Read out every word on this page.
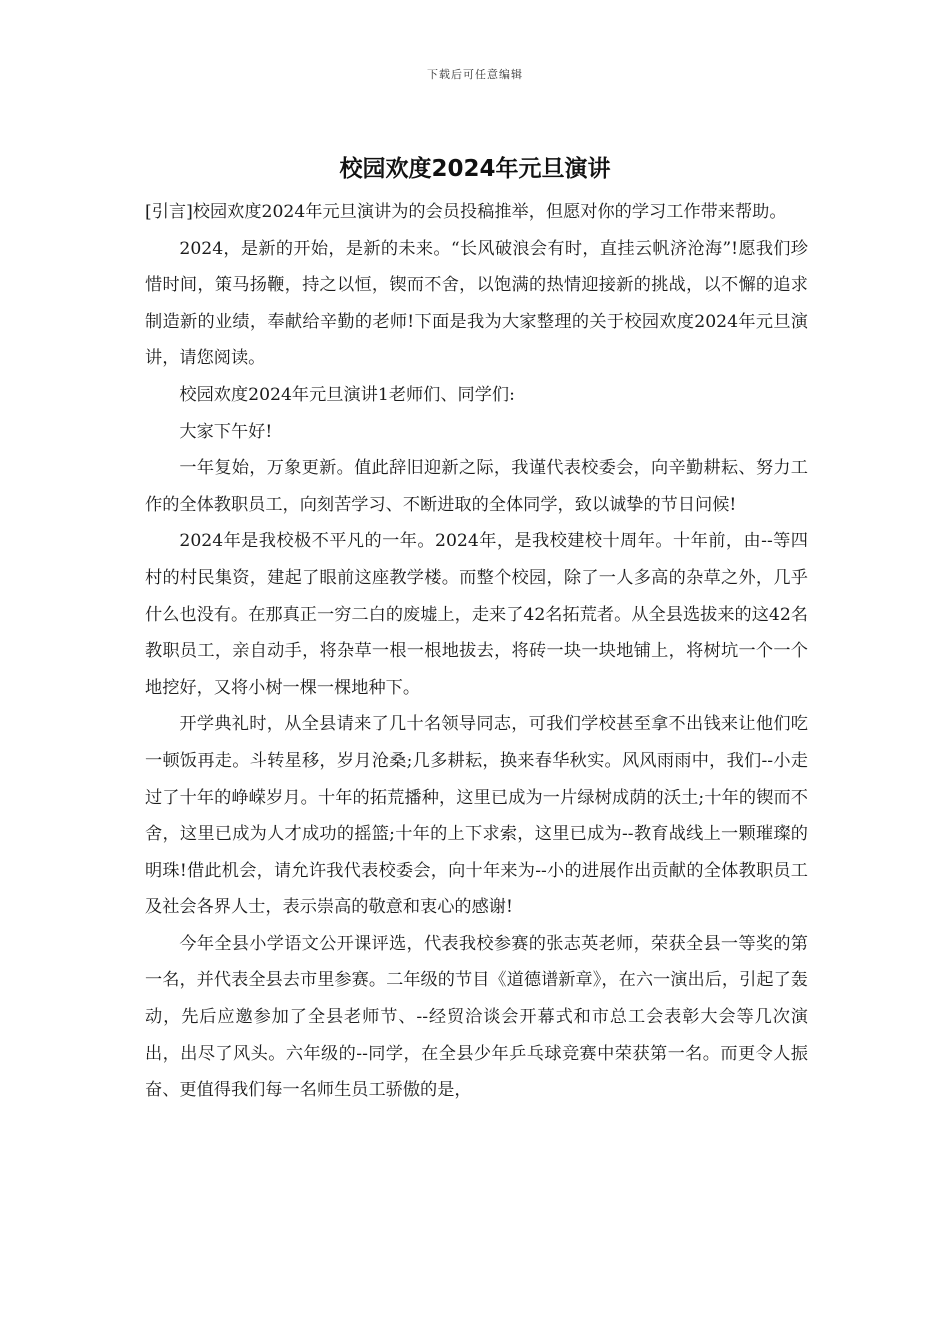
下载后可任意编辑
校园欢度2024年元旦演讲

[引言]校园欢度2024年元旦演讲为的会员投稿推举，但愿对你的学习工作带来帮助。

2024，是新的开始，是新的未来。“长风破浪会有时，直挂云帆济沧海”!愿我们珍惜时间，策马扬鞭，持之以恒，锲而不舍，以饱满的热情迎接新的挑战，以不懈的追求制造新的业绩，奉献给辛勤的老师!下面是我为大家整理的关于校园欢度2024年元旦演讲，请您阅读。

校园欢度2024年元旦演讲1老师们、同学们:

大家下午好!

一年复始，万象更新。值此辞旧迎新之际，我谨代表校委会，向辛勤耕耘、努力工作的全体教职员工，向刻苦学习、不断进取的全体同学，致以诚挚的节日问候!

2024年是我校极不平凡的一年。2024年，是我校建校十周年。十年前，由--等四村的村民集资，建起了眼前这座教学楼。而整个校园，除了一人多高的杂草之外，几乎什么也没有。在那真正一穷二白的废墟上，走来了42名拓荒者。从全县选拔来的这42名教职员工，亲自动手，将杂草一根一根地拔去，将砖一块一块地铺上，将树坑一个一个地挖好，又将小树一棵一棵地种下。

开学典礼时，从全县请来了几十名领导同志，可我们学校甚至拿不出钱来让他们吃一顿饭再走。斗转星移，岁月沧桑;几多耕耘，换来春华秋实。风风雨雨中，我们--小走过了十年的峥嵘岁月。十年的拓荒播种，这里已成为一片绿树成荫的沃土;十年的锲而不舍，这里已成为人才成功的摇篮;十年的上下求索，这里已成为--教育战线上一颗璀璨的明珠!借此机会，请允许我代表校委会，向十年来为--小的进展作出贡献的全体教职员工及社会各界人士，表示崇高的敬意和衷心的感谢!

今年全县小学语文公开课评选，代表我校参赛的张志英老师，荣获全县一等奖的第一名，并代表全县去市里参赛。二年级的节目《道德谱新章》，在六一演出后，引起了轰动，先后应邀参加了全县老师节、--经贸洽谈会开幕式和市总工会表彰大会等几次演出，出尽了风头。六年级的--同学，在全县少年乒乓球竞赛中荣获第一名。而更令人振奋、更值得我们每一名师生员工骄傲的是，
